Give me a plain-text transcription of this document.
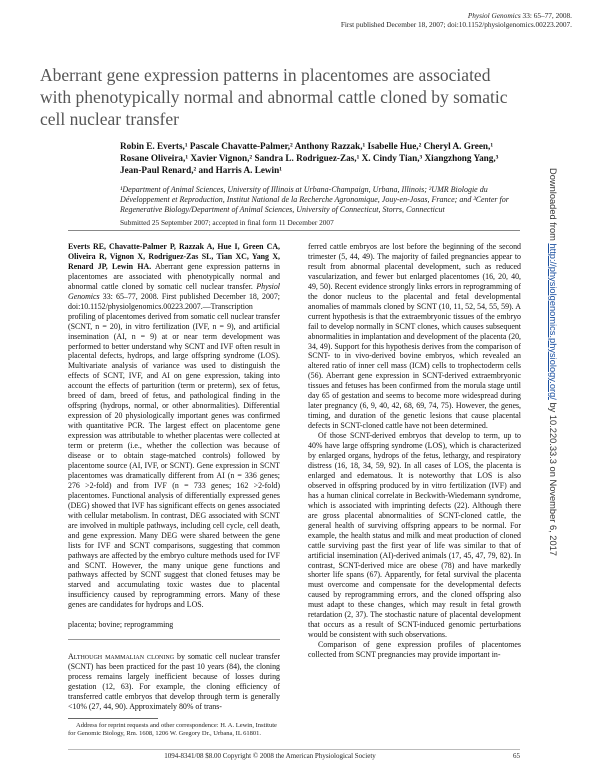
Physiol Genomics 33: 65–77, 2008.
First published December 18, 2007; doi:10.1152/physiolgenomics.00223.2007.
Aberrant gene expression patterns in placentomes are associated with phenotypically normal and abnormal cattle cloned by somatic cell nuclear transfer
Robin E. Everts,¹ Pascale Chavatte-Palmer,² Anthony Razzak,¹ Isabelle Hue,² Cheryl A. Green,¹
Rosane Oliveira,¹ Xavier Vignon,² Sandra L. Rodriguez-Zas,¹ X. Cindy Tian,³ Xiangzhong Yang,³
Jean-Paul Renard,² and Harris A. Lewin¹
¹Department of Animal Sciences, University of Illinois at Urbana-Champaign, Urbana, Illinois; ²UMR Biologie du Développement et Reproduction, Institut National de la Recherche Agronomique, Jouy-en-Josas, France; and ³Center for Regenerative Biology/Department of Animal Sciences, University of Connecticut, Storrs, Connecticut
Submitted 25 September 2007; accepted in final form 11 December 2007

Everts RE, Chavatte-Palmer P, Razzak A, Hue I, Green CA, Oliveira R, Vignon X, Rodriguez-Zas SL, Tian XC, Yang X, Renard JP, Lewin HA. Aberrant gene expression patterns in placentomes are associated with phenotypically normal and abnormal cattle cloned by somatic cell nuclear transfer. Physiol Genomics 33: 65–77, 2008. First published December 18, 2007; doi:10.1152/physiolgenomics.00223.2007.—Transcription profiling of placentomes derived from somatic cell nuclear transfer (SCNT, n = 20), in vitro fertilization (IVF, n = 9), and artificial insemination (AI, n = 9) at or near term development was performed to better understand why SCNT and IVF often result in placental defects, hydrops, and large offspring syndrome (LOS). Multivariate analysis of variance was used to distinguish the effects of SCNT, IVF, and AI on gene expression, taking into account the effects of parturition (term or preterm), sex of fetus, breed of dam, breed of fetus, and pathological finding in the offspring (hydrops, normal, or other abnormalities). Differential expression of 20 physiologically important genes was confirmed with quantitative PCR. The largest effect on placentome gene expression was attributable to whether placentas were collected at term or preterm (i.e., whether the collection was because of disease or to obtain stage-matched controls) followed by placentome source (AI, IVF, or SCNT). Gene expression in SCNT placentomes was dramatically different from AI (n = 336 genes; 276 >2-fold) and from IVF (n = 733 genes; 162 >2-fold) placentomes. Functional analysis of differentially expressed genes (DEG) showed that IVF has significant effects on genes associated with cellular metabolism. In contrast, DEG associated with SCNT are involved in multiple pathways, including cell cycle, cell death, and gene expression. Many DEG were shared between the gene lists for IVF and SCNT comparisons, suggesting that common pathways are affected by the embryo culture methods used for IVF and SCNT. However, the many unique gene functions and pathways affected by SCNT suggest that cloned fetuses may be starved and accumulating toxic wastes due to placental insufficiency caused by reprogramming errors. Many of these genes are candidates for hydrops and LOS.

placenta; bovine; reprogramming

Although mammalian cloning by somatic cell nuclear transfer (SCNT) has been practiced for the past 10 years (84), the cloning process remains largely inefficient because of losses during gestation (12, 63). For example, the cloning efficiency of transferred cattle embryos that develop through term is generally <10% (27, 44, 90). Approximately 80% of trans-

ferred cattle embryos are lost before the beginning of the second trimester (5, 44, 49). The majority of failed pregnancies appear to result from abnormal placental development, such as reduced vascularization, and fewer but enlarged placentomes (16, 20, 40, 49, 50). Recent evidence strongly links errors in reprogramming of the donor nucleus to the placental and fetal developmental anomalies of mammals cloned by SCNT (10, 11, 52, 54, 55, 59). A current hypothesis is that the extraembryonic tissues of the embryo fail to develop normally in SCNT clones, which causes subsequent abnormalities in implantation and development of the placenta (20, 34, 49). Support for this hypothesis derives from the comparison of SCNT- to in vivo-derived bovine embryos, which revealed an altered ratio of inner cell mass (ICM) cells to trophectoderm cells (56). Aberrant gene expression in SCNT-derived extraembryonic tissues and fetuses has been confirmed from the morula stage until day 65 of gestation and seems to become more widespread during later pregnancy (6, 9, 40, 42, 68, 69, 74, 75). However, the genes, timing, and duration of the genetic lesions that cause placental defects in SCNT-cloned cattle have not been determined.

Of those SCNT-derived embryos that develop to term, up to 40% have large offspring syndrome (LOS), which is characterized by enlarged organs, hydrops of the fetus, lethargy, and respiratory distress (16, 18, 34, 59, 92). In all cases of LOS, the placenta is enlarged and edematous. It is noteworthy that LOS is also observed in offspring produced by in vitro fertilization (IVF) and has a human clinical correlate in Beckwith-Wiedemann syndrome, which is associated with imprinting defects (22). Although there are gross placental abnormalities of SCNT-cloned cattle, the general health of surviving offspring appears to be normal. For example, the health status and milk and meat production of cloned cattle surviving past the first year of life was similar to that of artificial insemination (AI)-derived animals (17, 45, 47, 79, 82). In contrast, SCNT-derived mice are obese (78) and have markedly shorter life spans (67). Apparently, for fetal survival the placenta must overcome and compensate for the developmental defects caused by reprogramming errors, and the cloned offspring also must adapt to these changes, which may result in fetal growth retardation (2, 37). The stochastic nature of placental development that occurs as a result of SCNT-induced genomic perturbations would be consistent with such observations.

Comparison of gene expression profiles of placentomes collected from SCNT pregnancies may provide important in-

Address for reprint requests and other correspondence: H. A. Lewin, Institute for Genomic Biology, Rm. 1608, 1206 W. Gregory Dr., Urbana, IL 61801.
1094-8341/08 $8.00 Copyright © 2008 the American Physiological Society	65
Downloaded from http://physiolgenomics.physiology.org/ by 10.220.33.3 on November 6, 2017
